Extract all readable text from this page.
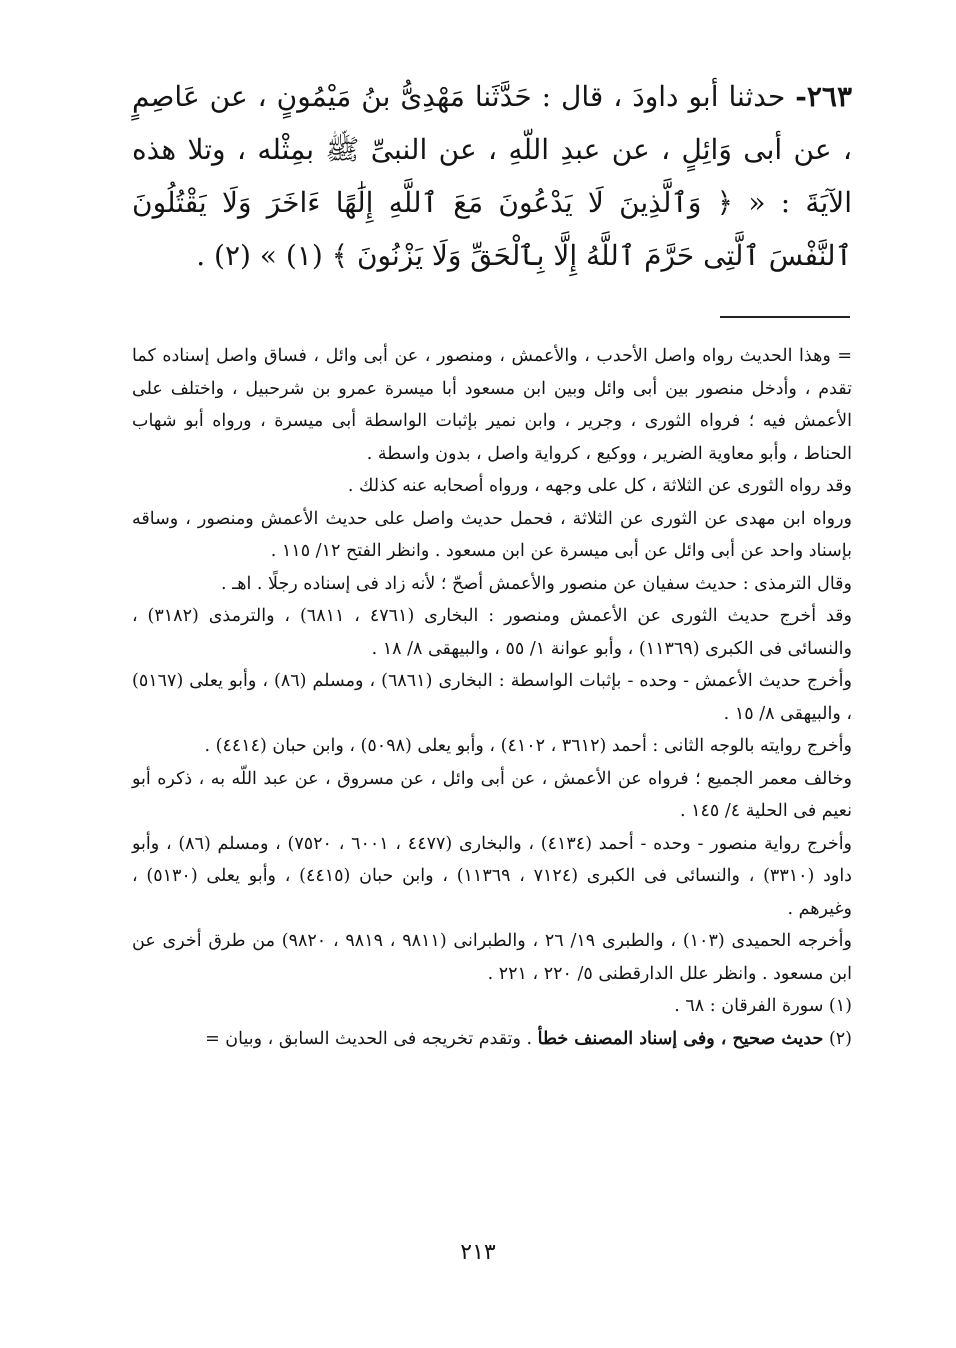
٢٦٣- حدثنا أبو داودَ ، قال : حَدَّثَنا مَهْدِىُّ بنُ مَيْمُونٍ ، عن عَاصِمٍ ، عن أبى وَائِلٍ ، عن عبدِ اللّهِ ، عن النبىِّ ﷺ بمِثْله ، وتلا هذه الآيَةَ : « ﴿ وَٱلَّذِينَ لَا يَدْعُونَ مَعَ ٱللَّهِ إِلَٰهًا ءَاخَرَ وَلَا يَقْتُلُونَ ٱلنَّفْسَ ٱلَّتِى حَرَّمَ ٱللَّهُ إِلَّا بِٱلْحَقِّ وَلَا يَزْنُونَ ﴾ (١) » (٢) .

= وهذا الحديث رواه واصل الأحدب ، والأعمش ، ومنصور ، عن أبى وائل ، فساق واصل إسناده كما تقدم ، وأدخل منصور بين أبى وائل وبين ابن مسعود أبا ميسرة عمرو بن شرحبيل ، واختلف على الأعمش فيه ؛ فرواه الثورى ، وجرير ، وابن نمير بإثبات الواسطة أبى ميسرة ، ورواه أبو شهاب الحناط ، وأبو معاوية الضرير ، ووكيع ، كرواية واصل ، بدون واسطة .

وقد رواه الثورى عن الثلاثة ، كل على وجهه ، ورواه أصحابه عنه كذلك .

ورواه ابن مهدى عن الثورى عن الثلاثة ، فحمل حديث واصل على حديث الأعمش ومنصور ، وساقه بإسناد واحد عن أبى وائل عن أبى ميسرة عن ابن مسعود . وانظر الفتح ١٢/ ١١٥ .

وقال الترمذى : حديث سفيان عن منصور والأعمش أصحّ ؛ لأنه زاد فى إسناده رجلًا . اهـ .

وقد أخرج حديث الثورى عن الأعمش ومنصور : البخارى (٤٧٦١ ، ٦٨١١) ، والترمذى (٣١٨٢) ، والنسائى فى الكبرى (١١٣٦٩) ، وأبو عوانة ١/ ٥٥ ، والبيهقى ٨/ ١٨ .

وأخرج حديث الأعمش - وحده - بإثبات الواسطة : البخارى (٦٨٦١) ، ومسلم (٨٦) ، وأبو يعلى (٥١٦٧) ، والبيهقى ٨/ ١٥ .

وأخرج روايته بالوجه الثانى : أحمد (٣٦١٢ ، ٤١٠٢) ، وأبو يعلى (٥٠٩٨) ، وابن حبان (٤٤١٤) .

وخالف معمر الجميع ؛ فرواه عن الأعمش ، عن أبى وائل ، عن مسروق ، عن عبد اللّه به ، ذكره أبو نعيم فى الحلية ٤/ ١٤٥ .

وأخرج رواية منصور - وحده - أحمد (٤١٣٤) ، والبخارى (٤٤٧٧ ، ٦٠٠١ ، ٧٥٢٠) ، ومسلم (٨٦) ، وأبو داود (٣٣١٠) ، والنسائى فى الكبرى (٧١٢٤ ، ١١٣٦٩) ، وابن حبان (٤٤١٥) ، وأبو يعلى (٥١٣٠) ، وغيرهم .

وأخرجه الحميدى (١٠٣) ، والطبرى ١٩/ ٢٦ ، والطبرانى (٩٨١١ ، ٩٨١٩ ، ٩٨٢٠) من طرق أخرى عن ابن مسعود . وانظر علل الدارقطنى ٥/ ٢٢٠ ، ٢٢١ .

(١) سورة الفرقان : ٦٨ .

(٢) حديث صحيح ، وفى إسناد المصنف خطأ . وتقدم تخريجه فى الحديث السابق ، وبيان =

٢١٣
